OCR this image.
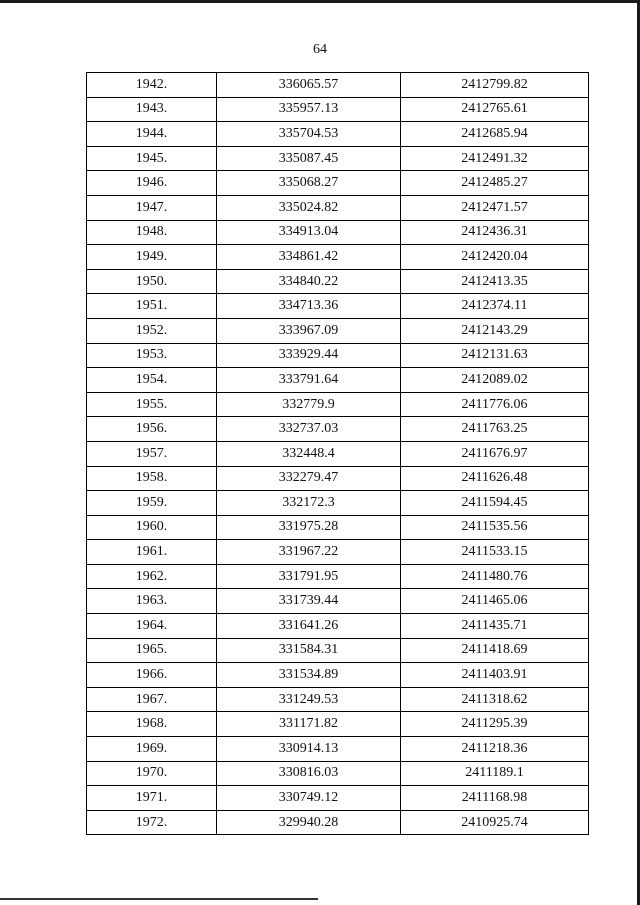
64
1942.	336065.57	2412799.82
1943.	335957.13	2412765.61
1944.	335704.53	2412685.94
1945.	335087.45	2412491.32
1946.	335068.27	2412485.27
1947.	335024.82	2412471.57
1948.	334913.04	2412436.31
1949.	334861.42	2412420.04
1950.	334840.22	2412413.35
1951.	334713.36	2412374.11
1952.	333967.09	2412143.29
1953.	333929.44	2412131.63
1954.	333791.64	2412089.02
1955.	332779.9	2411776.06
1956.	332737.03	2411763.25
1957.	332448.4	2411676.97
1958.	332279.47	2411626.48
1959.	332172.3	2411594.45
1960.	331975.28	2411535.56
1961.	331967.22	2411533.15
1962.	331791.95	2411480.76
1963.	331739.44	2411465.06
1964.	331641.26	2411435.71
1965.	331584.31	2411418.69
1966.	331534.89	2411403.91
1967.	331249.53	2411318.62
1968.	331171.82	2411295.39
1969.	330914.13	2411218.36
1970.	330816.03	2411189.1
1971.	330749.12	2411168.98
1972.	329940.28	2410925.74
